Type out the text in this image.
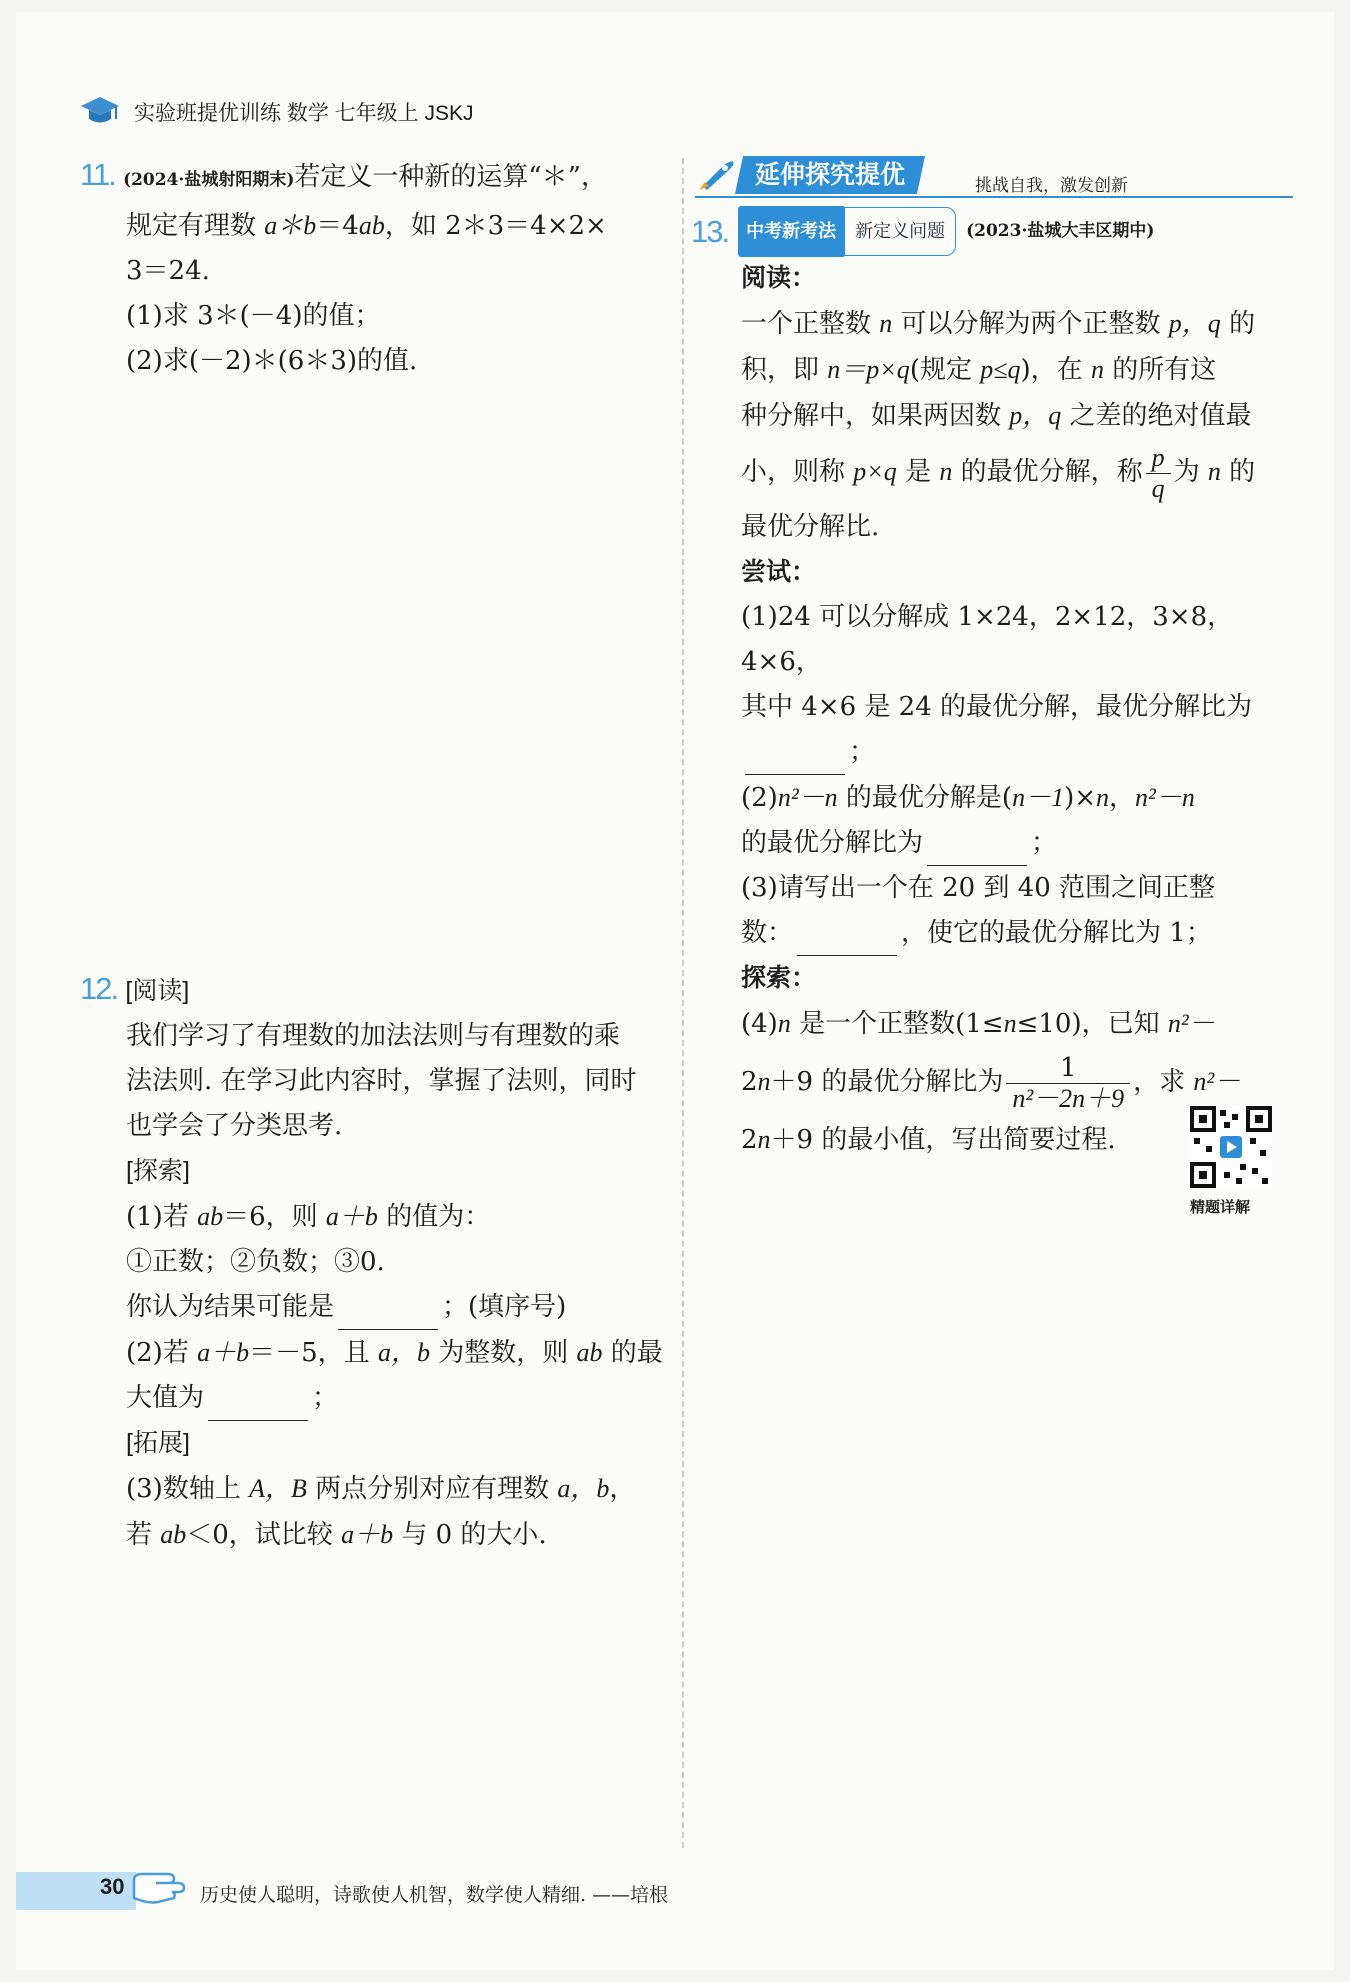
实验班提优训练 数学 七年级上 JSKJ
11. (2024·盐城射阳期末)若定义一种新的运算“＊”，
规定有理数 a＊b＝4ab，如 2＊3＝4×2×
3＝24.
(1)求 3＊(－4)的值；
(2)求(－2)＊(6＊3)的值.
12. [阅读]
我们学习了有理数的加法法则与有理数的乘
法法则. 在学习此内容时，掌握了法则，同时
也学会了分类思考.
[探索]
(1)若 ab＝6，则 a＋b 的值为：
①正数；②负数；③0.
你认为结果可能是	；(填序号)
(2)若 a＋b＝－5，且 a，b 为整数，则 ab 的最
大值为	；
[拓展]
(3)数轴上 A，B 两点分别对应有理数 a，b，
若 ab＜0，试比较 a＋b 与 0 的大小.
延伸探究提优	挑战自我，激发创新
13.	中考新考法	新定义问题	(2023·盐城大丰区期中)
阅读：
一个正整数 n 可以分解为两个正整数 p，q 的
积，即 n＝p×q(规定 p≤q)，在 n 的所有这
种分解中，如果两因数 p，q 之差的绝对值最
小，则称 p×q 是 n 的最优分解，称 $\frac{p}{q}$ 为 n 的
最优分解比.
尝试：
(1)24 可以分解成 1×24，2×12，3×8，4×6，
其中 4×6 是 24 的最优分解，最优分解比为
；
(2)n²－n 的最优分解是(n－1)×n，n²－n
的最优分解比为	；
(3)请写出一个在 20 到 40 范围之间正整
数：	，使它的最优分解比为 1；
探索：
(4)n 是一个正整数(1≤n≤10)，已知 n²－
2n＋9 的最优分解比为 $\frac{1}{\text{n²－2n＋9}}$ ，求 n²－
2n＋9 的最小值，写出简要过程.
精题详解
30	历史使人聪明，诗歌使人机智，数学使人精细. ——培根
